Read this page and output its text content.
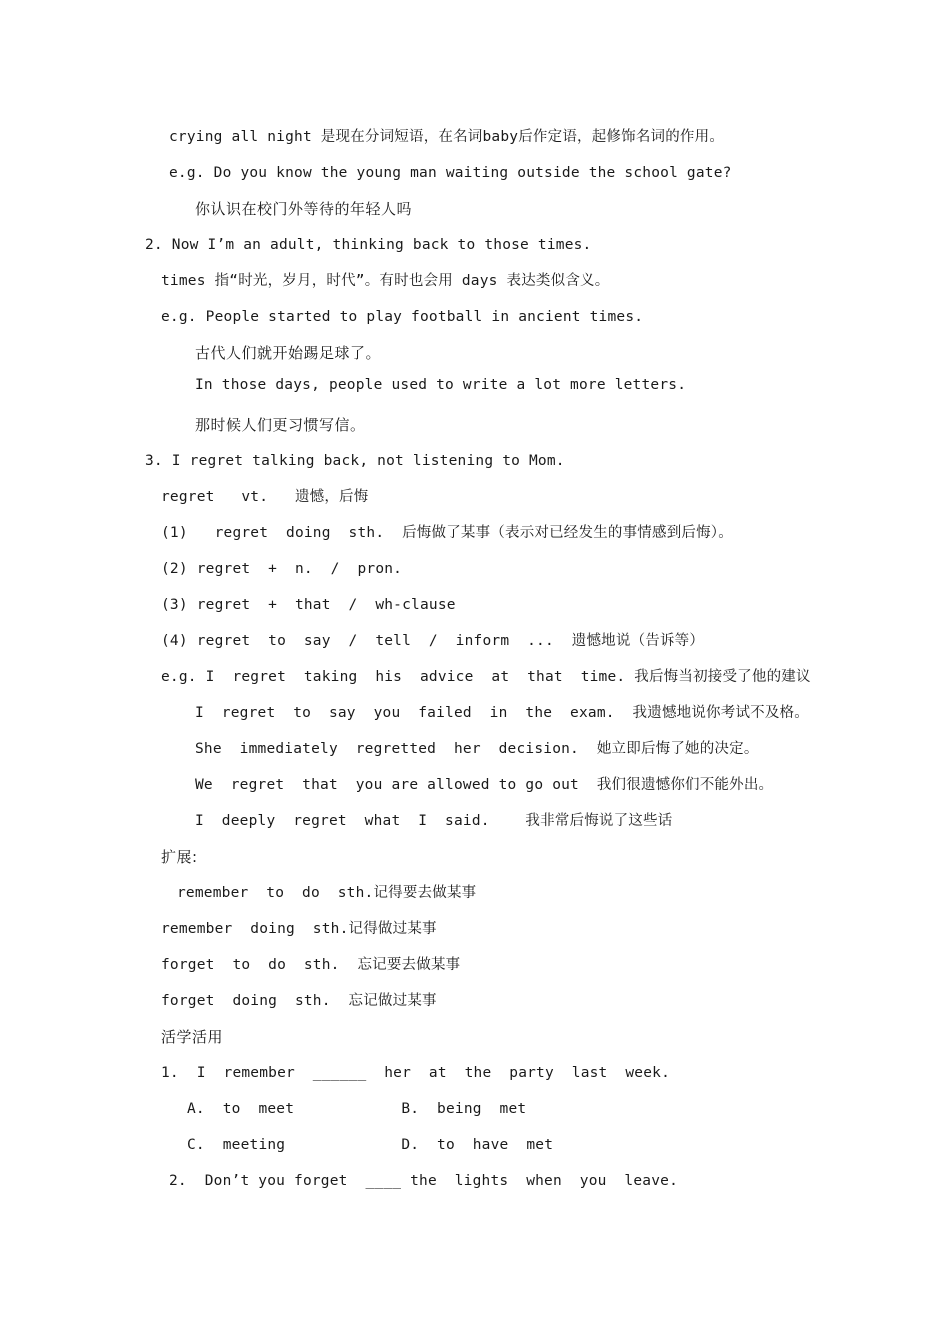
crying all night 是现在分词短语，在名词baby后作定语，起修饰名词的作用。
e.g. Do you know the young man waiting outside the school gate?
你认识在校门外等待的年轻人吗
2. Now I’m an adult, thinking back to those times.
times 指“时光，岁月，时代”。有时也会用 days 表达类似含义。
e.g. People started to play football in ancient times.
古代人们就开始踢足球了。
In those days, people used to write a lot more letters.
那时候人们更习惯写信。
3. I regret talking back, not listening to Mom.
regret   vt.   遗憾，后悔
(1)   regret  doing  sth.  后悔做了某事（表示对已经发生的事情感到后悔）。
(2) regret  +  n.  /  pron.
(3) regret  +  that  /  wh-clause
(4) regret  to  say  /  tell  /  inform  ...  遗憾地说（告诉等）
e.g. I  regret  taking  his  advice  at  that  time. 我后悔当初接受了他的建议
I  regret  to  say  you  failed  in  the  exam.  我遗憾地说你考试不及格。
She  immediately  regretted  her  decision.  她立即后悔了她的决定。
We  regret  that  you are allowed to go out  我们很遗憾你们不能外出。
I  deeply  regret  what  I  said.    我非常后悔说了这些话
扩展:
remember  to  do  sth.记得要去做某事
remember  doing  sth.记得做过某事
forget  to  do  sth.  忘记要去做某事
forget  doing  sth.  忘记做过某事
活学活用
1.  I  remember  ______  her  at  the  party  last  week.
A.  to  meet            B.  being  met
C.  meeting             D.  to  have  met
2.  Don’t you forget  ____ the  lights  when  you  leave.
